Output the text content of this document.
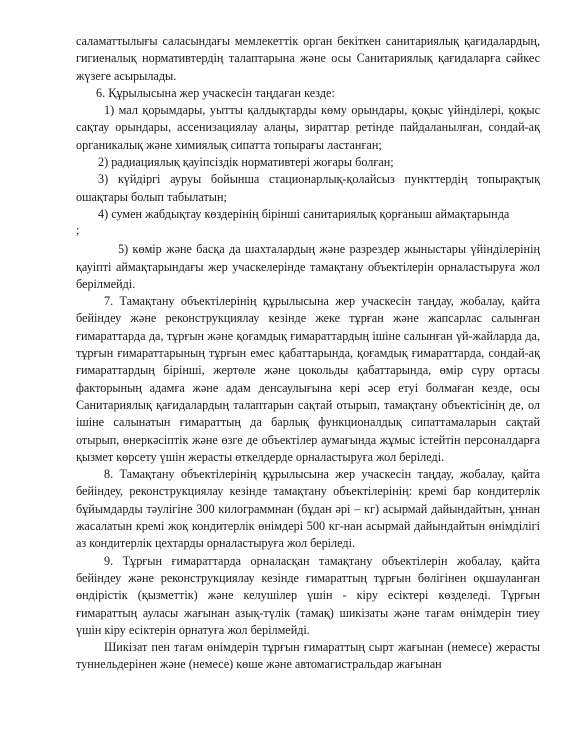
саламаттылығы саласындағы мемлекеттік орган бекіткен санитариялық қағидалардың, гигиеналық нормативтердің талаптарына және осы Санитариялық қағидаларға сәйкес жүзеге асырылады.

6. Құрылысына жер учаскесін таңдаған кезде:

1) мал қорымдары, уытты қалдықтарды көму орындары, қоқыс үйінділері, қоқыс сақтау орындары, ассенизациялау алаңы, зираттар ретінде пайдаланылған, сондай-ақ органикалық және химиялық сипатта топырағы ластанған;

2) радиациялық қауіпсіздік нормативтері жоғары болған;

3) күйдіргі ауруы бойынша стационарлық-қолайсыз пункттердің топырақтық ошақтары болып табылатын;

4) сумен жабдықтау көздерінің бірінші санитариялық қорғаныш аймақтарында

;

5) көмір және басқа да шахталардың және разрездер жыныстары үйінділерінің қауіпті аймақтарындағы жер учаскелерінде тамақтану объектілерін орналастыруға жол берілмейді.

7. Тамақтану объектілерінің құрылысына жер учаскесін таңдау, жобалау, қайта бейіндеу және реконструкциялау кезінде жеке тұрған және жапсарлас салынған ғимараттарда да, тұрғын және қоғамдық ғимараттардың ішіне салынған үй-жайларда да, тұрғын ғимараттарының тұрғын емес қабаттарында, қоғамдық ғимараттарда, сондай-ақ ғимараттардың бірінші, жертөле және цокольды қабаттарында, өмір сүру ортасы факторының адамға және адам денсаулығына кері әсер етуі болмаған кезде, осы Санитариялық қағидалардың талаптарын сақтай отырып, тамақтану объектісінің де, ол ішіне салынатын ғимараттың да барлық функционалдық сипаттамаларын сақтай отырып, өнеркәсіптік және өзге де объектілер аумағында жұмыс істейтін персоналдарға қызмет көрсету үшін жерасты өткелдерде орналастыруға жол беріледі.

8. Тамақтану объектілерінің құрылысына жер учаскесін таңдау, жобалау, қайта бейіндеу, реконструкциялау кезінде тамақтану объектілерінің: кремі бар кондитерлік бұйымдарды тәулігіне 300 килограммнан (бұдан әрі – кг) асырмай дайындайтын, ұннан жасалатын кремі жоқ кондитерлік өнімдері 500 кг-нан асырмай дайындайтын өнімділігі аз кондитерлік цехтарды орналастыруға жол беріледі.

9. Тұрғын ғимараттарда орналасқан тамақтану объектілерін жобалау, қайта бейіндеу және реконструкциялау кезінде ғимараттың тұрғын бөлігінен оқшауланған өндірістік (қызметтік) және келушілер үшін - кіру есіктері көзделеді. Тұрғын ғимараттың ауласы жағынан азық-түлік (тамақ) шикізаты және тағам өнімдерін тиеу үшін кіру есіктерін орнатуға жол берілмейді.

Шикізат пен тағам өнімдерін тұрғын ғимараттың сырт жағынан (немесе) жерасты туннельдерінен және (немесе) көше және автомагистральдар жағынан
